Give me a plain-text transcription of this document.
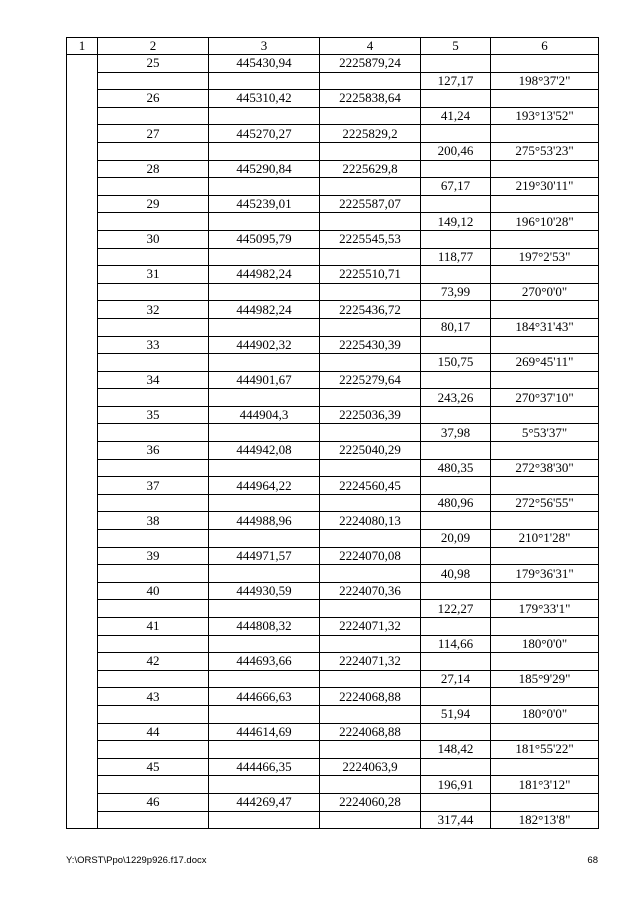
1	2	3	4	5	6
	25	445430,94	2225879,24		
				127,17	198°37'2"
	26	445310,42	2225838,64		
				41,24	193°13'52"
	27	445270,27	2225829,2		
				200,46	275°53'23"
	28	445290,84	2225629,8		
				67,17	219°30'11"
	29	445239,01	2225587,07		
				149,12	196°10'28"
	30	445095,79	2225545,53		
				118,77	197°2'53"
	31	444982,24	2225510,71		
				73,99	270°0'0"
	32	444982,24	2225436,72		
				80,17	184°31'43"
	33	444902,32	2225430,39		
				150,75	269°45'11"
	34	444901,67	2225279,64		
				243,26	270°37'10"
	35	444904,3	2225036,39		
				37,98	5°53'37"
	36	444942,08	2225040,29		
				480,35	272°38'30"
	37	444964,22	2224560,45		
				480,96	272°56'55"
	38	444988,96	2224080,13		
				20,09	210°1'28"
	39	444971,57	2224070,08		
				40,98	179°36'31"
	40	444930,59	2224070,36		
				122,27	179°33'1"
	41	444808,32	2224071,32		
				114,66	180°0'0"
	42	444693,66	2224071,32		
				27,14	185°9'29"
	43	444666,63	2224068,88		
				51,94	180°0'0"
	44	444614,69	2224068,88		
				148,42	181°55'22"
	45	444466,35	2224063,9		
				196,91	181°3'12"
	46	444269,47	2224060,28		
				317,44	182°13'8"
Y:\ORST\Ppo\1229p926.f17.docx	68
